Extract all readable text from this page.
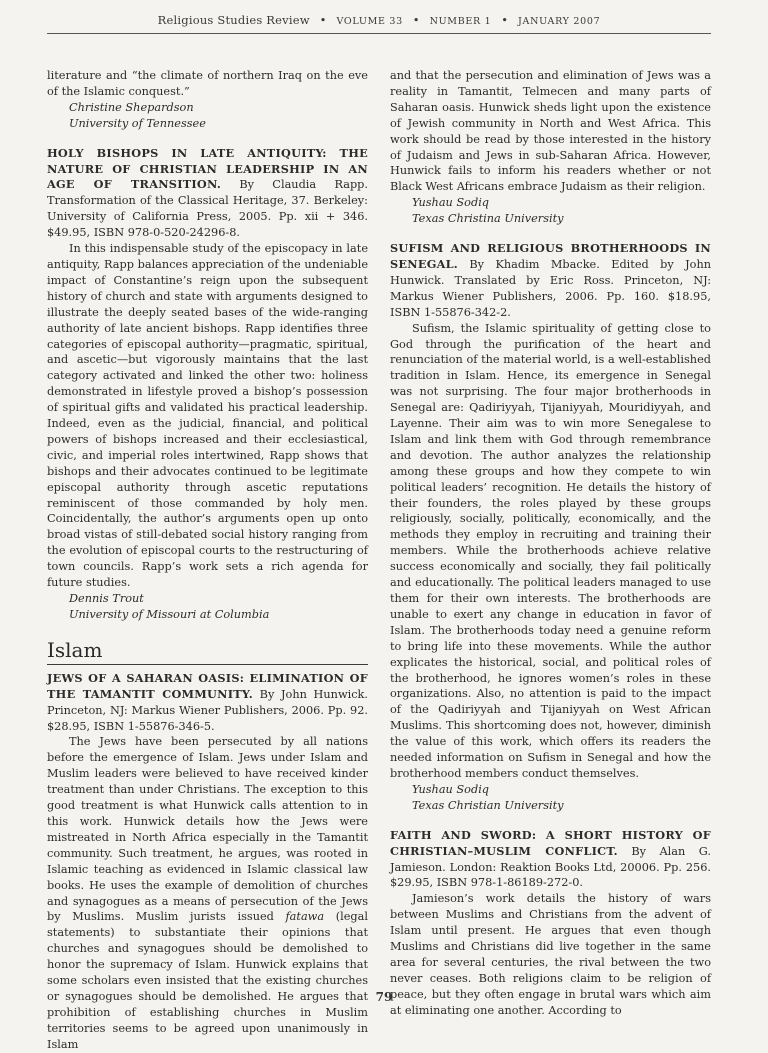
Religious Studies Review • VOLUME 33 • NUMBER 1 • JANUARY 2007

literature and “the climate of northern Iraq on the eve of the Islamic conquest.”

Christine Shepardson
University of Tennessee

HOLY BISHOPS IN LATE ANTIQUITY: THE NATURE OF CHRISTIAN LEADERSHIP IN AN AGE OF TRANSITION. By Claudia Rapp. Transformation of the Classical Heritage, 37. Berkeley: University of California Press, 2005. Pp. xii + 346. $49.95, ISBN 978-0-520-24296-8.

In this indispensable study of the episcopacy in late antiquity, Rapp balances appreciation of the undeniable impact of Constantine’s reign upon the subsequent history of church and state with arguments designed to illustrate the deeply seated bases of the wide-ranging authority of late ancient bishops. Rapp identifies three categories of episcopal authority—pragmatic, spiritual, and ascetic—but vigorously maintains that the last category activated and linked the other two: holiness demonstrated in lifestyle proved a bishop’s possession of spiritual gifts and validated his practical leadership. Indeed, even as the judicial, financial, and political powers of bishops increased and their ecclesiastical, civic, and imperial roles intertwined, Rapp shows that bishops and their advocates continued to be legitimate episcopal authority through ascetic reputations reminiscent of those commanded by holy men. Coincidentally, the author’s arguments open up onto broad vistas of still-debated social history ranging from the evolution of episcopal courts to the restructuring of town councils. Rapp’s work sets a rich agenda for future studies.

Dennis Trout
University of Missouri at Columbia
Islam

JEWS OF A SAHARAN OASIS: ELIMINATION OF THE TAMANTIT COMMUNITY. By John Hunwick. Princeton, NJ: Markus Wiener Publishers, 2006. Pp. 92. $28.95, ISBN 1-55876-346-5.

The Jews have been persecuted by all nations before the emergence of Islam. Jews under Islam and Muslim leaders were believed to have received kinder treatment than under Christians. The exception to this good treatment is what Hunwick calls attention to in this work. Hunwick details how the Jews were mistreated in North Africa especially in the Tamantit community. Such treatment, he argues, was rooted in Islamic teaching as evidenced in Islamic classical law books. He uses the example of demolition of churches and synagogues as a means of persecution of the Jews by Muslims. Muslim jurists issued fatawa (legal statements) to substantiate their opinions that churches and synagogues should be demolished to honor the supremacy of Islam. Hunwick explains that some scholars even insisted that the existing churches or synagogues should be demolished. He argues that prohibition of establishing churches in Muslim territories seems to be agreed upon unanimously in Islam

and that the persecution and elimination of Jews was a reality in Tamantit, Telmecen and many parts of Saharan oasis. Hunwick sheds light upon the existence of Jewish community in North and West Africa. This work should be read by those interested in the history of Judaism and Jews in sub-Saharan Africa. However, Hunwick fails to inform his readers whether or not Black West Africans embrace Judaism as their religion.

Yushau Sodiq
Texas Christina University

SUFISM AND RELIGIOUS BROTHERHOODS IN SENEGAL. By Khadim Mbacke. Edited by John Hunwick. Translated by Eric Ross. Princeton, NJ: Markus Wiener Publishers, 2006. Pp. 160. $18.95, ISBN 1-55876-342-2.

Sufism, the Islamic spirituality of getting close to God through the purification of the heart and renunciation of the material world, is a well-established tradition in Islam. Hence, its emergence in Senegal was not surprising. The four major brotherhoods in Senegal are: Qadiriyyah, Tijaniyyah, Mouridiyyah, and Layenne. Their aim was to win more Senegalese to Islam and link them with God through remembrance and devotion. The author analyzes the relationship among these groups and how they compete to win political leaders’ recognition. He details the history of their founders, the roles played by these groups religiously, socially, politically, economically, and the methods they employ in recruiting and training their members. While the brotherhoods achieve relative success economically and socially, they fail politically and educationally. The political leaders managed to use them for their own interests. The brotherhoods are unable to exert any change in education in favor of Islam. The brotherhoods today need a genuine reform to bring life into these movements. While the author explicates the historical, social, and political roles of the brotherhood, he ignores women’s roles in these organizations. Also, no attention is paid to the impact of the Qadiriyyah and Tijaniyyah on West African Muslims. This shortcoming does not, however, diminish the value of this work, which offers its readers the needed information on Sufism in Senegal and how the brotherhood members conduct themselves.

Yushau Sodiq
Texas Christian University

FAITH AND SWORD: A SHORT HISTORY OF CHRISTIAN–MUSLIM CONFLICT. By Alan G. Jamieson. London: Reaktion Books Ltd, 20006. Pp. 256. $29.95, ISBN 978-1-86189-272-0.

Jamieson’s work details the history of wars between Muslims and Christians from the advent of Islam until present. He argues that even though Muslims and Christians did live together in the same area for several centuries, the rival between the two never ceases. Both religions claim to be religion of peace, but they often engage in brutal wars which aim at eliminating one another. According to

79
